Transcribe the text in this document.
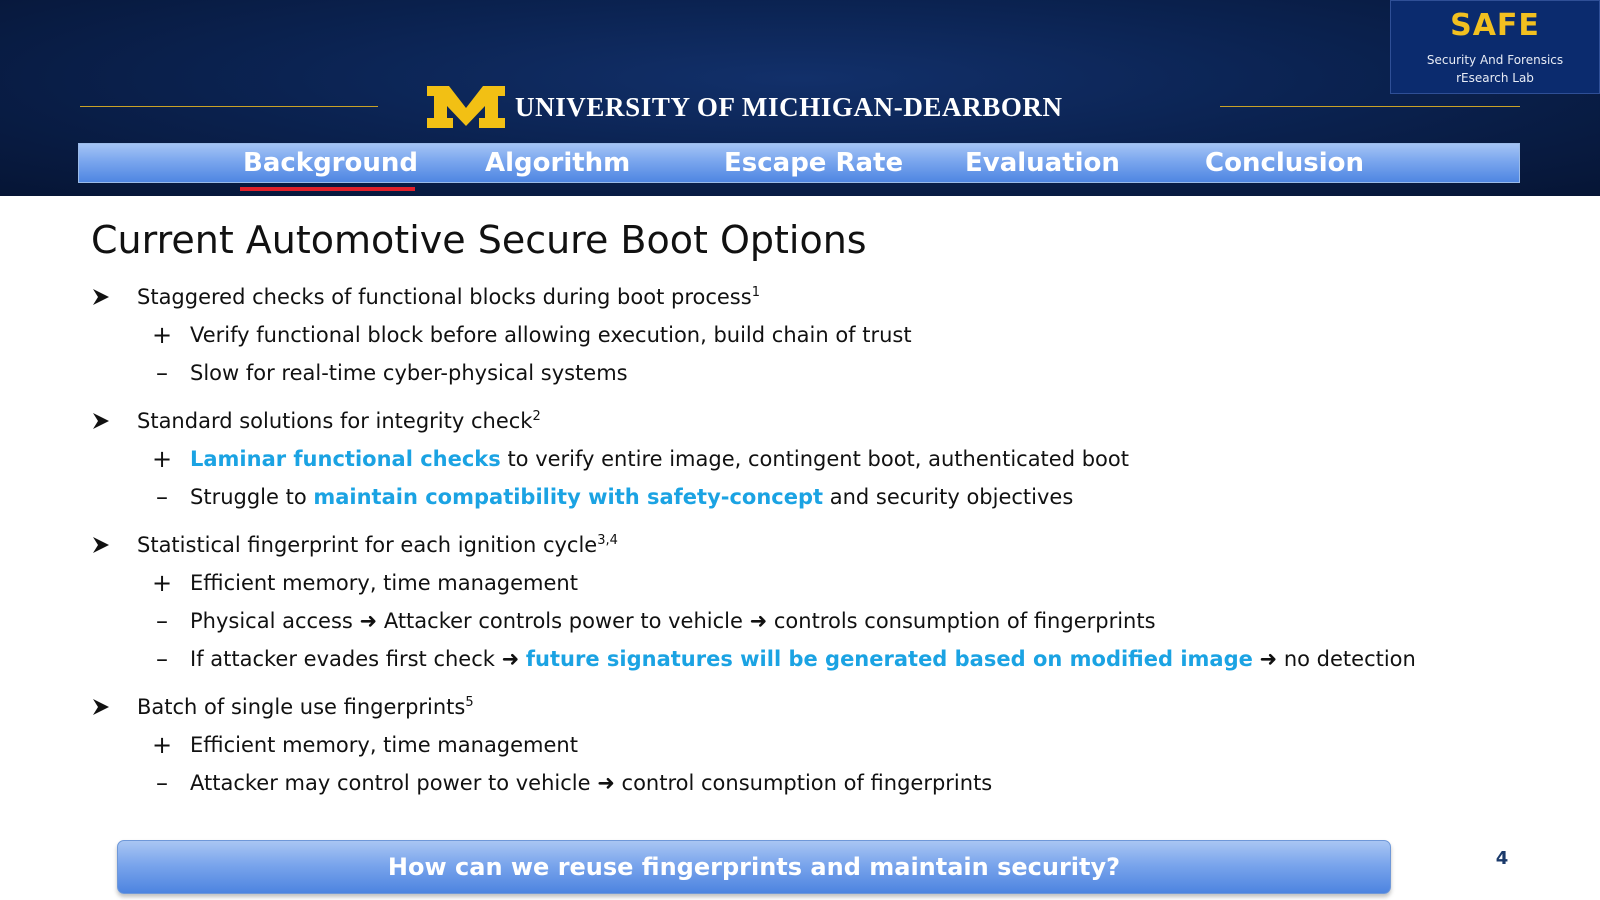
UNIVERSITY OF MICHIGAN-DEARBORN
SAFE
Security And Forensics
rEsearch Lab
Background	Algorithm	Escape Rate Evaluation	Conclusion
Current Automotive Secure Boot Options
Staggered checks of functional blocks during boot process$^1$
+ Verify functional block before allowing execution, build chain of trust
– Slow for real-time cyber-physical systems
Standard solutions for integrity check$^2$
+ Laminar functional checks to verify entire image, contingent boot, authenticated boot
– Struggle to maintain compatibility with safety-concept and security objectives
Statistical fingerprint for each ignition cycle$^{3,4}$
+ Efficient memory, time management
– Physical access ➜ Attacker controls power to vehicle ➜ controls consumption of fingerprints
– If attacker evades first check ➜ future signatures will be generated based on modified image ➜ no detection
Batch of single use fingerprints$^5$
+ Efficient memory, time management
– Attacker may control power to vehicle ➜ control consumption of fingerprints
How can we reuse fingerprints and maintain security?	4
